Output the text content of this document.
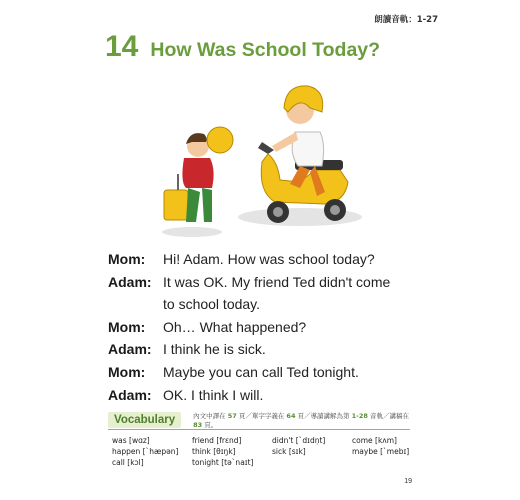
朗讀音軌：1-27
14 How Was School Today?
Mom:	Hi! Adam. How was school today?
Adam: It was OK. My friend Ted didn't come
to school today.
Mom:	Oh… What happened?
Adam: I think he is sick.
Mom:	Maybe you can call Ted tonight.
Adam: OK. I think I will.
Vocabulary	內文中譯在 57 頁／單字字義在 64 頁／導讀講解為第 1-28 音軌／講稿在 83 頁。
was [wɑz]	friend [frɛnd]	didn't [`dɪdṇt]	come [kʌm]
happen [`hæpən]	think [θɪŋk]	sick [sɪk]	maybe [`mebɪ]
call [kɔl]	tonight [tə`naɪt]
19
